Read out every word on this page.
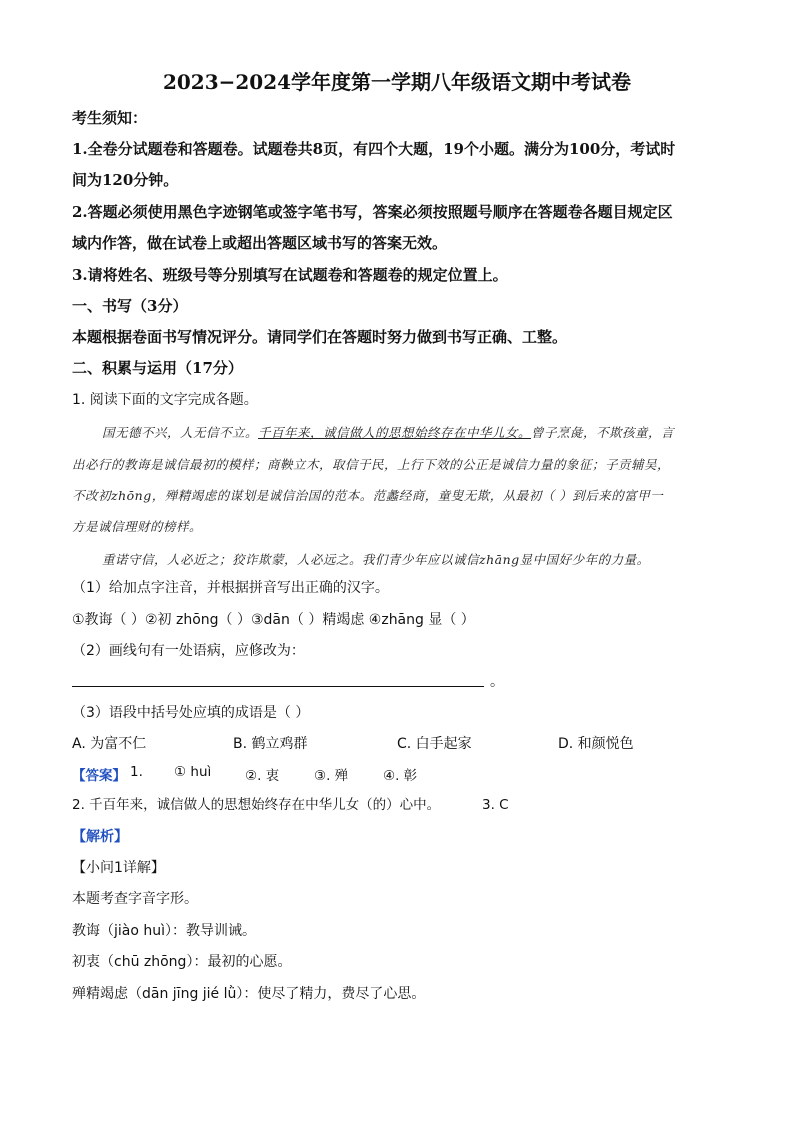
2023−2024学年度第一学期八年级语文期中考试卷
考生须知：
1.全卷分试题卷和答题卷。试题卷共8页，有四个大题，19个小题。满分为100分，考试时
间为120分钟。
2.答题必须使用黑色字迹钢笔或签字笔书写，答案必须按照题号顺序在答题卷各题目规定区
域内作答，做在试卷上或超出答题区域书写的答案无效。
3.请将姓名、班级号等分别填写在试题卷和答题卷的规定位置上。
一、书写（3分）
本题根据卷面书写情况评分。请同学们在答题时努力做到书写正确、工整。
二、积累与运用（17分）
1. 阅读下面的文字完成各题。
国无德不兴，人无信不立。千百年来，诚信做人的思想始终存在中华儿女。曾子烹彘，不欺孩童，言
出必行的教诲是诚信最初的模样；商鞅立木，取信于民，上行下效的公正是诚信力量的象征；子贡辅吴，
不改初zhōng，殚精竭虑的谋划是诚信治国的范本。范蠡经商，童叟无欺，从最初（ ）到后来的富甲一
方是诚信理财的榜样。
重诺守信，人必近之；狡诈欺蒙，人必远之。我们青少年应以诚信zhāng显中国好少年的力量。
（1）给加点字注音，并根据拼音写出正确的汉字。
①教诲（ ）②初 zhōng（ ）③dān（ ）精竭虑 ④zhāng 显（ ）
（2）画线句有一处语病，应修改为：
。
（3）语段中括号处应填的成语是（ ）
A. 为富不仁	B. 鹤立鸡群	C. 白手起家	D. 和颜悦色
【答案】 1. ① huì ②. 衷	③. 殚	④. 彰
2. 千百年来，诚信做人的思想始终存在中华儿女（的）心中。	3. C
【解析】
【小问1详解】
本题考查字音字形。
教诲（jiào huì）：教导训诫。
初衷（chū zhōng）：最初的心愿。
殚精竭虑（dān jīng jié lǜ）：使尽了精力，费尽了心思。
